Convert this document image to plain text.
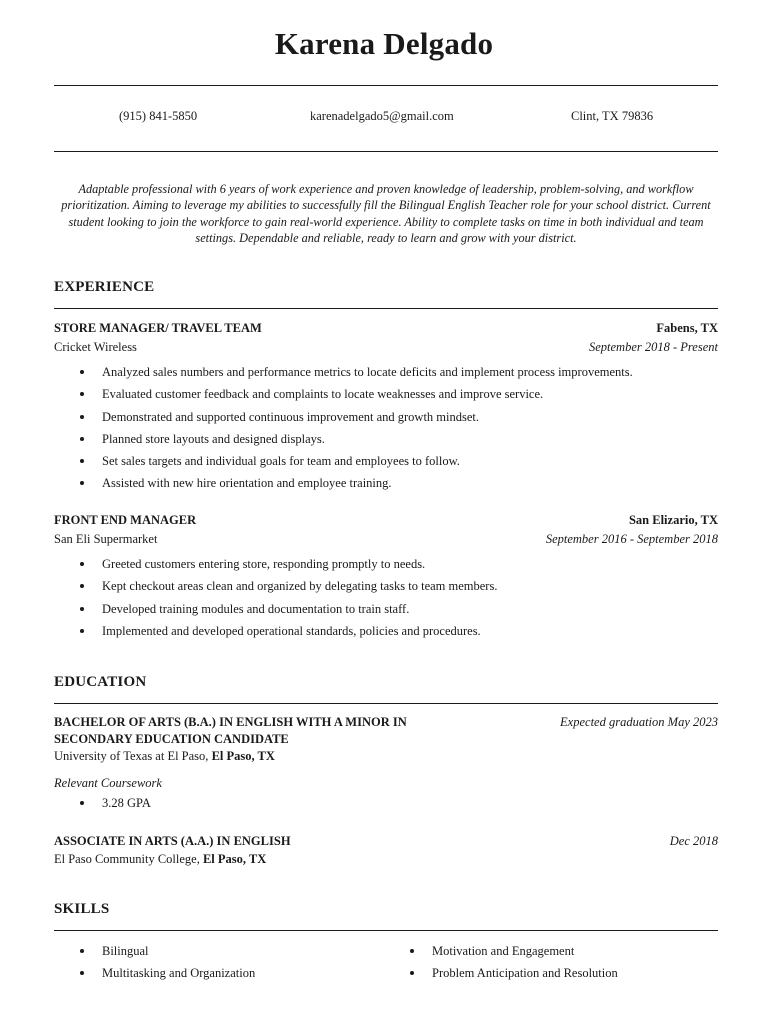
Karena Delgado
(915) 841-5850	karenadelgado5@gmail.com	Clint, TX 79836
Adaptable professional with 6 years of work experience and proven knowledge of leadership, problem-solving, and workflow prioritization. Aiming to leverage my abilities to successfully fill the Bilingual English Teacher role for your school district. Current student looking to join the workforce to gain real-world experience. Ability to complete tasks on time in both individual and team settings. Dependable and reliable, ready to learn and grow with your district.
EXPERIENCE
STORE MANAGER/ TRAVEL TEAM	Fabens, TX
Cricket Wireless	September 2018 - Present
Analyzed sales numbers and performance metrics to locate deficits and implement process improvements.
Evaluated customer feedback and complaints to locate weaknesses and improve service.
Demonstrated and supported continuous improvement and growth mindset.
Planned store layouts and designed displays.
Set sales targets and individual goals for team and employees to follow.
Assisted with new hire orientation and employee training.
FRONT END MANAGER	San Elizario, TX
San Eli Supermarket	September 2016 - September 2018
Greeted customers entering store, responding promptly to needs.
Kept checkout areas clean and organized by delegating tasks to team members.
Developed training modules and documentation to train staff.
Implemented and developed operational standards, policies and procedures.
EDUCATION
BACHELOR OF ARTS (B.A.) IN ENGLISH WITH A MINOR IN SECONDARY EDUCATION CANDIDATE
Expected graduation May 2023
University of Texas at El Paso, El Paso, TX
Relevant Coursework
3.28 GPA
ASSOCIATE IN ARTS (A.A.) IN ENGLISH	Dec 2018
El Paso Community College, El Paso, TX
SKILLS
Bilingual
Multitasking and Organization
Motivation and Engagement
Problem Anticipation and Resolution
